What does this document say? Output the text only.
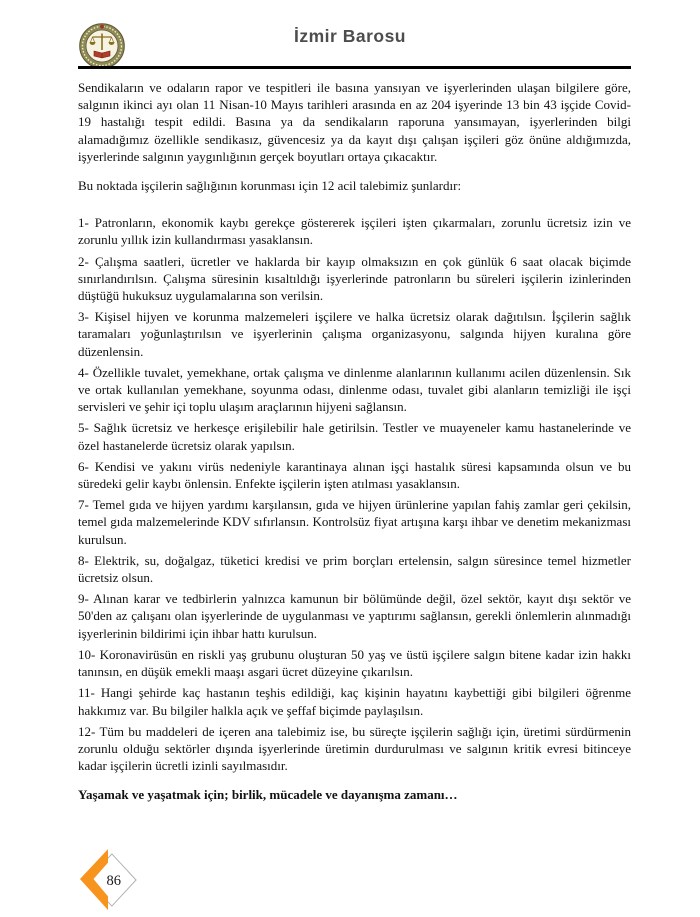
İzmir Barosu

Sendikaların ve odaların rapor ve tespitleri ile basına yansıyan ve işyerlerinden ulaşan bilgilere göre, salgının ikinci ayı olan 11 Nisan-10 Mayıs tarihleri arasında en az 204 işyerinde 13 bin 43 işçide Covid-19 hastalığı tespit edildi. Basına ya da sendikaların raporuna yansımayan, işyerlerinden bilgi alamadığımız özellikle sendikasız, güvencesiz ya da kayıt dışı çalışan işçileri göz önüne aldığımızda, işyerlerinde salgının yaygınlığının gerçek boyutları ortaya çıkacaktır.

Bu noktada işçilerin sağlığının korunması için 12 acil talebimiz şunlardır:

1- Patronların, ekonomik kaybı gerekçe göstererek işçileri işten çıkarmaları, zorunlu ücretsiz izin ve zorunlu yıllık izin kullandırması yasaklansın.

2- Çalışma saatleri, ücretler ve haklarda bir kayıp olmaksızın en çok günlük 6 saat olacak biçimde sınırlandırılsın. Çalışma süresinin kısaltıldığı işyerlerinde patronların bu süreleri işçilerin izinlerinden düştüğü hukuksuz uygulamalarına son verilsin.

3- Kişisel hijyen ve korunma malzemeleri işçilere ve halka ücretsiz olarak dağıtılsın. İşçilerin sağlık taramaları yoğunlaştırılsın ve işyerlerinin çalışma organizasyonu, salgında hijyen kuralına göre düzenlensin.

4- Özellikle tuvalet, yemekhane, ortak çalışma ve dinlenme alanlarının kullanımı acilen düzenlensin. Sık ve ortak kullanılan yemekhane, soyunma odası, dinlenme odası, tuvalet gibi alanların temizliği ile işçi servisleri ve şehir içi toplu ulaşım araçlarının hijyeni sağlansın.

5- Sağlık ücretsiz ve herkesçe erişilebilir hale getirilsin. Testler ve muayeneler kamu hastanelerinde ve özel hastanelerde ücretsiz olarak yapılsın.

6- Kendisi ve yakını virüs nedeniyle karantinaya alınan işçi hastalık süresi kapsamında olsun ve bu süredeki gelir kaybı önlensin. Enfekte işçilerin işten atılması yasaklansın.

7- Temel gıda ve hijyen yardımı karşılansın, gıda ve hijyen ürünlerine yapılan fahiş zamlar geri çekilsin, temel gıda malzemelerinde KDV sıfırlansın. Kontrolsüz fiyat artışına karşı ihbar ve denetim mekanizması kurulsun.

8- Elektrik, su, doğalgaz, tüketici kredisi ve prim borçları ertelensin, salgın süresince temel hizmetler ücretsiz olsun.

9- Alınan karar ve tedbirlerin yalnızca kamunun bir bölümünde değil, özel sektör, kayıt dışı sektör ve 50'den az çalışanı olan işyerlerinde de uygulanması ve yaptırımı sağlansın, gerekli önlemlerin alınmadığı işyerlerinin bildirimi için ihbar hattı kurulsun.

10- Koronavirüsün en riskli yaş grubunu oluşturan 50 yaş ve üstü işçilere salgın bitene kadar izin hakkı tanınsın, en düşük emekli maaşı asgari ücret düzeyine çıkarılsın.

11- Hangi şehirde kaç hastanın teşhis edildiği, kaç kişinin hayatını kaybettiği gibi bilgileri öğrenme hakkımız var. Bu bilgiler halkla açık ve şeffaf biçimde paylaşılsın.

12- Tüm bu maddeleri de içeren ana talebimiz ise, bu süreçte işçilerin sağlığı için, üretimi sürdürmenin zorunlu olduğu sektörler dışında işyerlerinde üretimin durdurulması ve salgının kritik evresi bitinceye kadar işçilerin ücretli izinli sayılmasıdır.

Yaşamak ve yaşatmak için; birlik, mücadele ve dayanışma zamanı…

86
